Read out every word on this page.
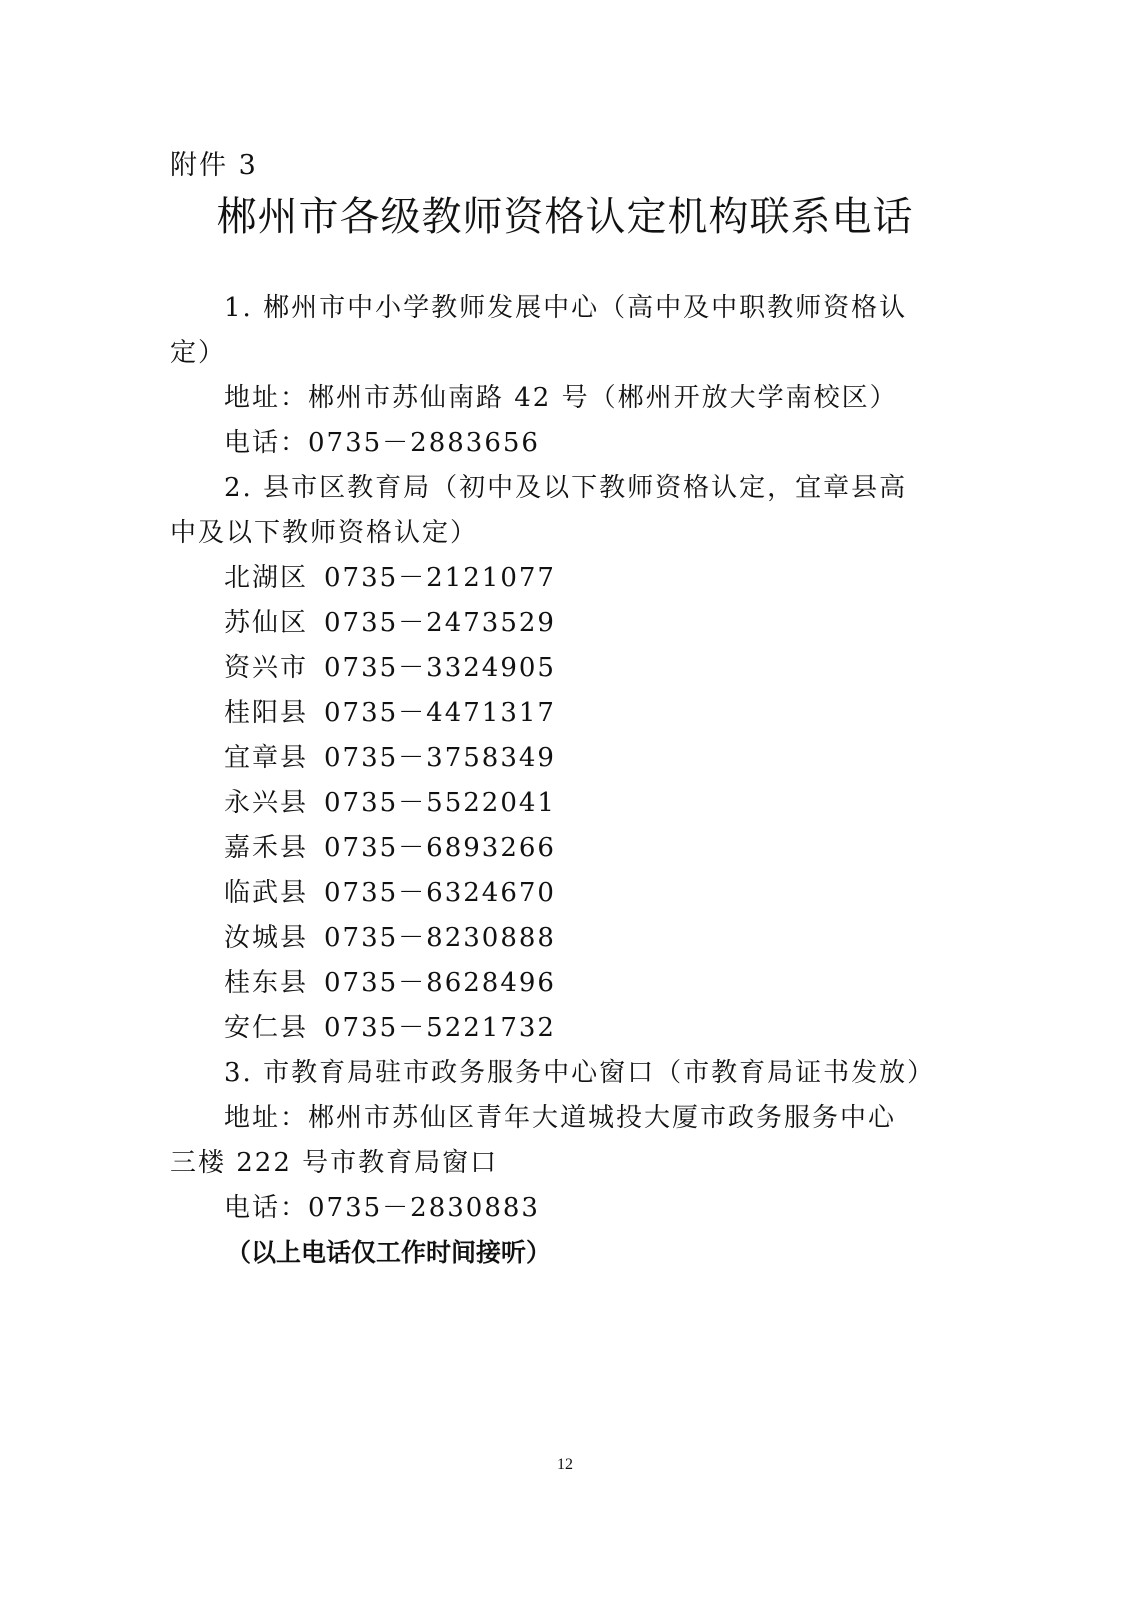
附件 3
郴州市各级教师资格认定机构联系电话
1. 郴州市中小学教师发展中心（高中及中职教师资格认
定）
地址：郴州市苏仙南路 42 号（郴州开放大学南校区）
电话：0735－2883656
2. 县市区教育局（初中及以下教师资格认定，宜章县高
中及以下教师资格认定）
北湖区 0735－2121077
苏仙区 0735－2473529
资兴市 0735－3324905
桂阳县 0735－4471317
宜章县 0735－3758349
永兴县 0735－5522041
嘉禾县 0735－6893266
临武县 0735－6324670
汝城县 0735－8230888
桂东县 0735－8628496
安仁县 0735－5221732
3. 市教育局驻市政务服务中心窗口（市教育局证书发放）
地址：郴州市苏仙区青年大道城投大厦市政务服务中心
三楼 222 号市教育局窗口
电话：0735－2830883
（以上电话仅工作时间接听）
12
